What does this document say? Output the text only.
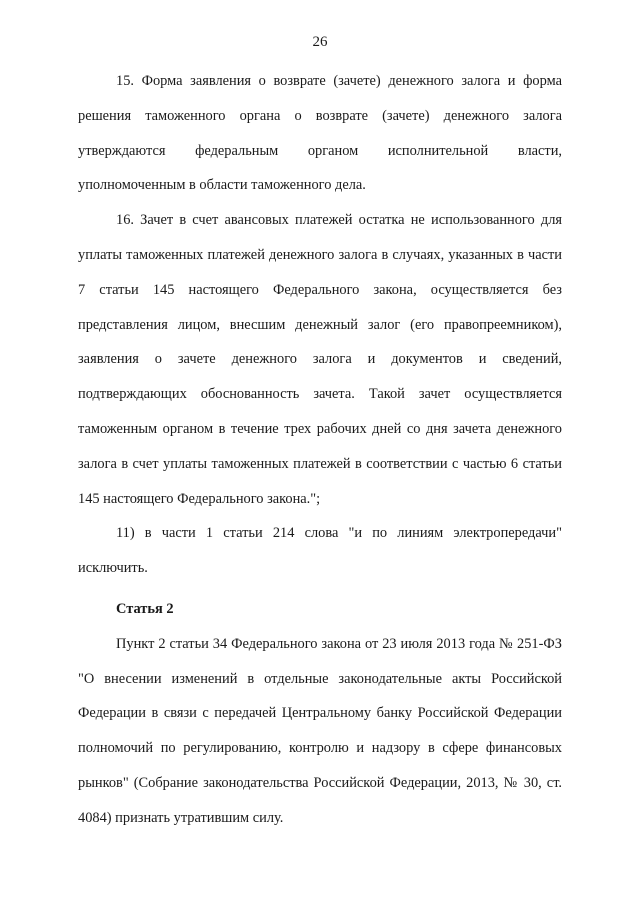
26

15. Форма заявления о возврате (зачете) денежного залога и форма решения таможенного органа о возврате (зачете) денежного залога утверждаются федеральным органом исполнительной власти, уполномоченным в области таможенного дела.

16. Зачет в счет авансовых платежей остатка не использованного для уплаты таможенных платежей денежного залога в случаях, указанных в части 7 статьи 145 настоящего Федерального закона, осуществляется без представления лицом, внесшим денежный залог (его правопреемником), заявления о зачете денежного залога и документов и сведений, подтверждающих обоснованность зачета. Такой зачет осуществляется таможенным органом в течение трех рабочих дней со дня зачета денежного залога в счет уплаты таможенных платежей в соответствии с частью 6 статьи 145 настоящего Федерального закона.";

11) в части 1 статьи 214 слова "и по линиям электропередачи" исключить.

Статья 2

Пункт 2 статьи 34 Федерального закона от 23 июля 2013 года № 251-ФЗ "О внесении изменений в отдельные законодательные акты Российской Федерации в связи с передачей Центральному банку Российской Федерации полномочий по регулированию, контролю и надзору в сфере финансовых рынков" (Собрание законодательства Российской Федерации, 2013, № 30, ст. 4084) признать утратившим силу.
